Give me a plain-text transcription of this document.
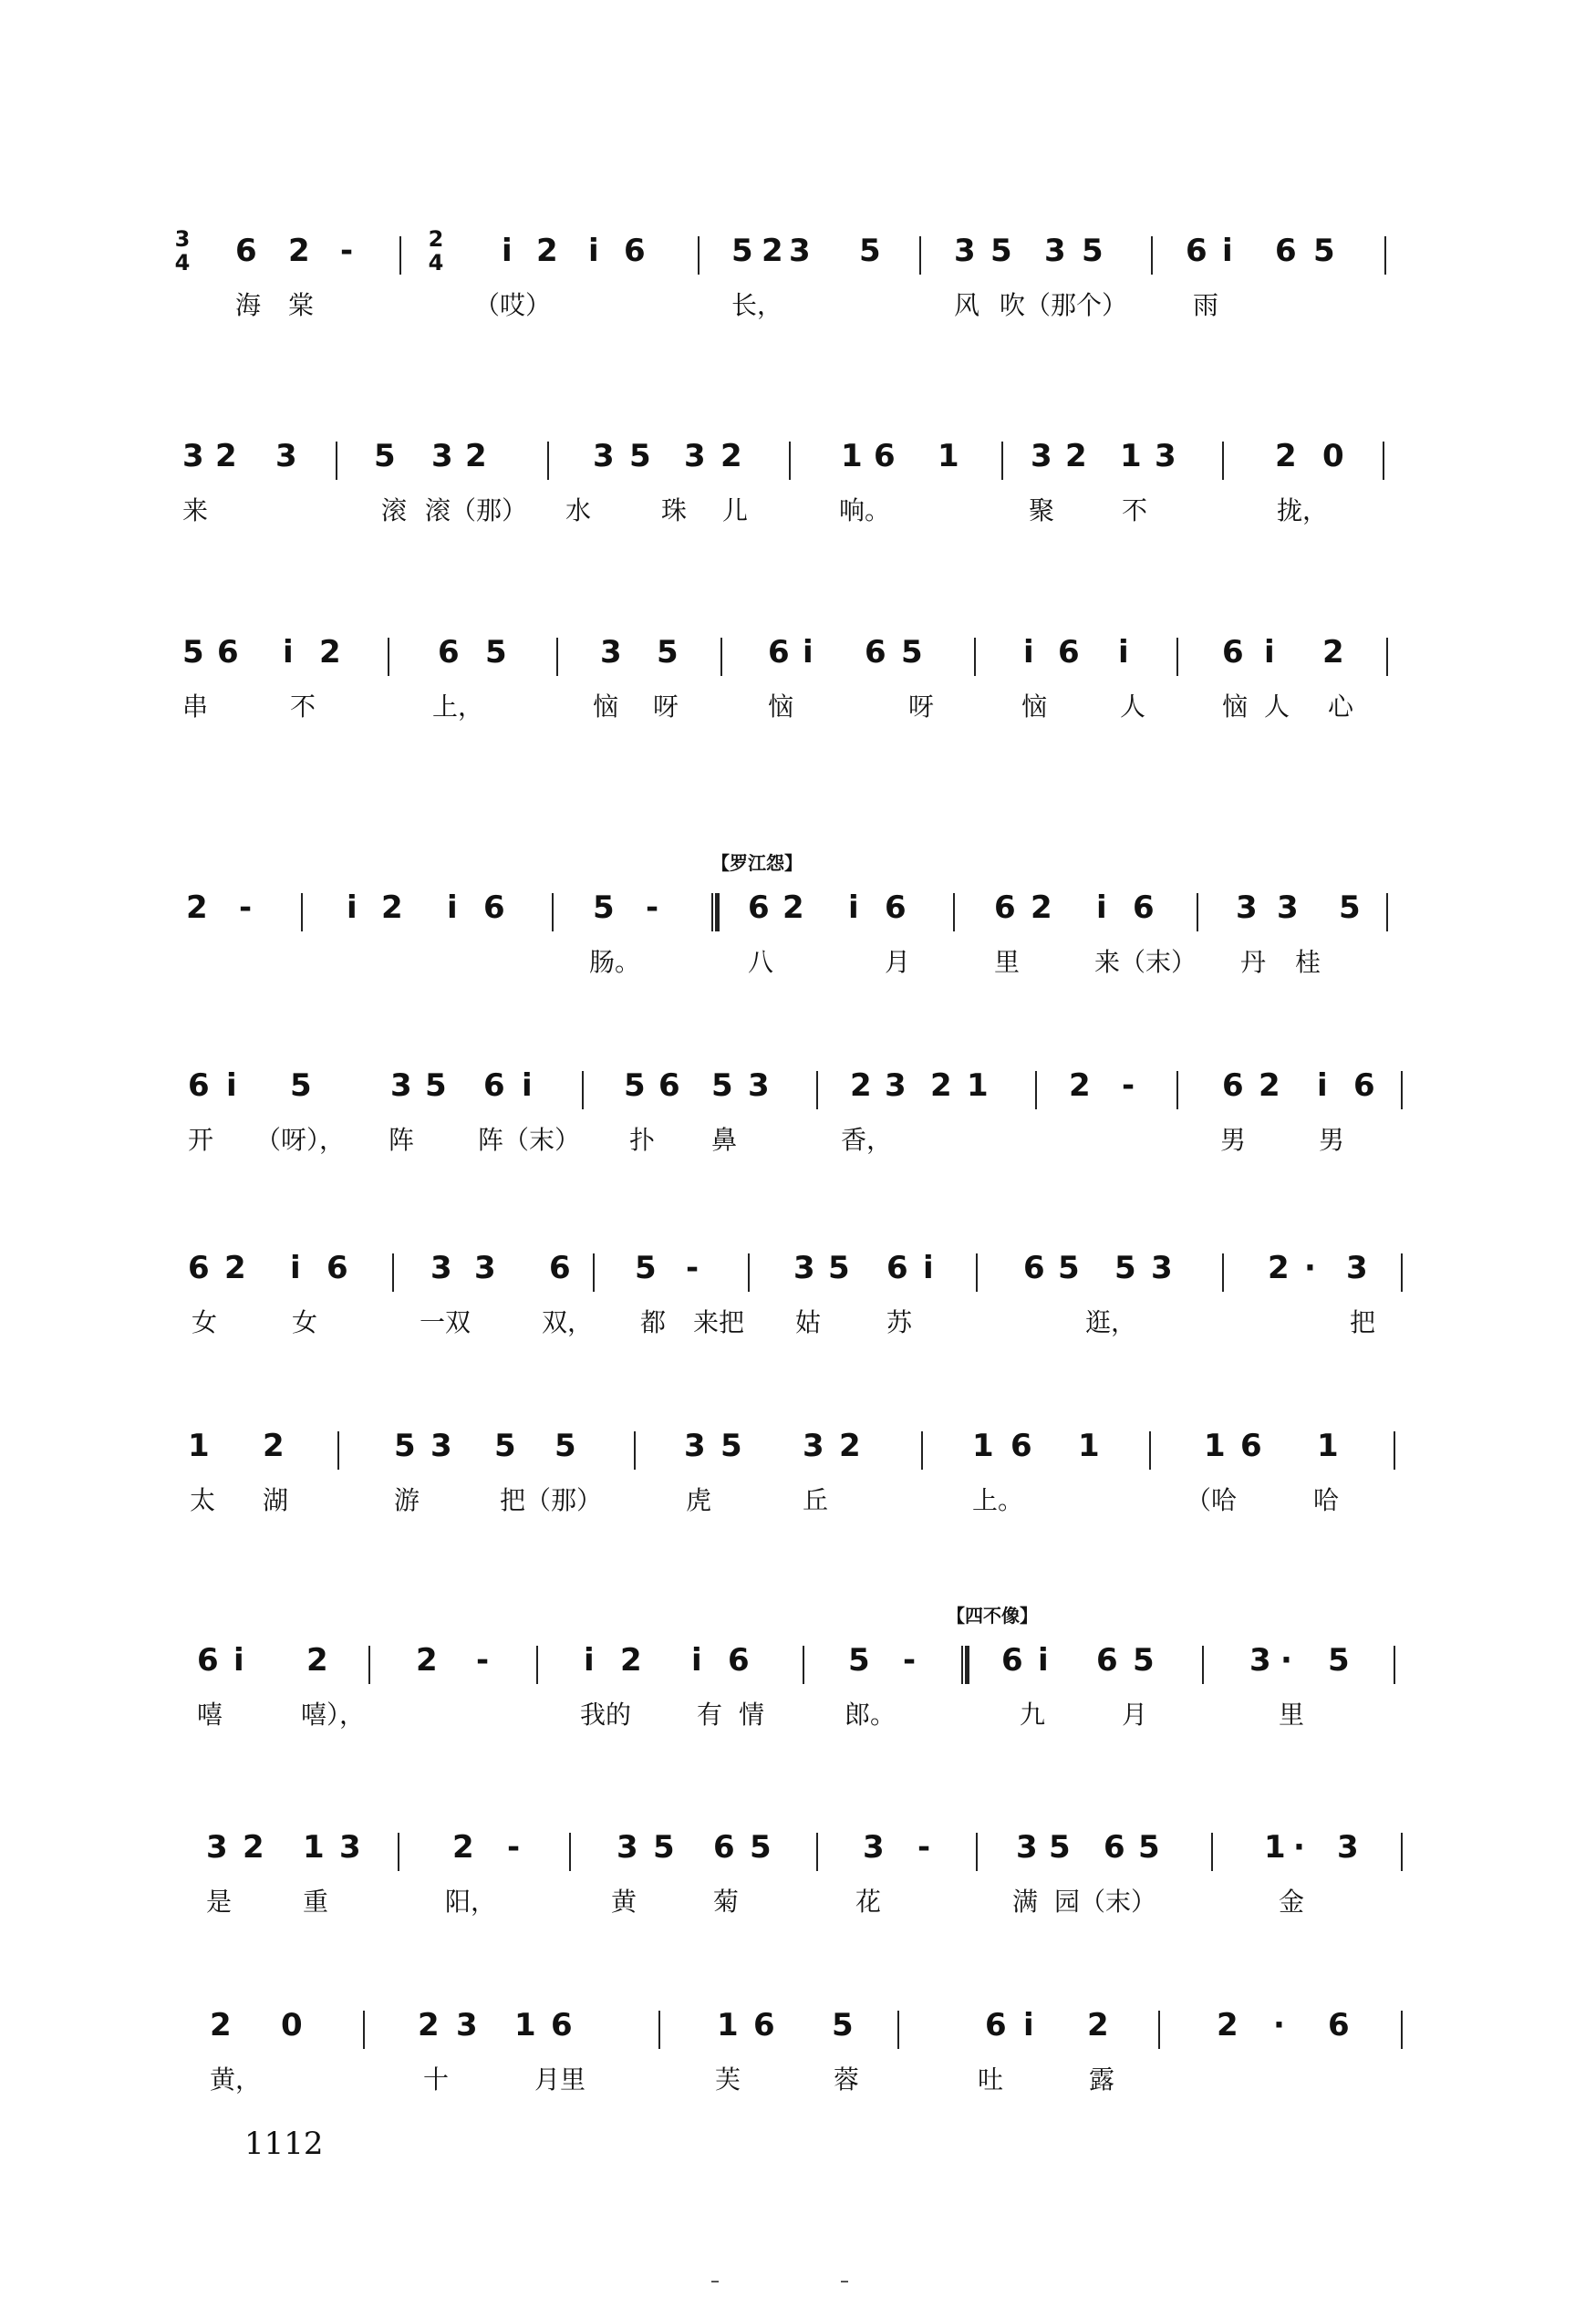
3
4 6 2 -	2
4 i 2 i 6	5 2 3 5 3 5 3 5	6 i 6 5
海 棠	（哎）	长，	风 吹（那个）	雨
3 2 3 5 3 2	3 5 3 2	1 6 1 3 2 1 3	2 0
来	滚 滚（那） 水	珠 儿	响。	聚	不	拢，
5 6 i 2	6 5	3 5	6 i 6 5	i 6 i	6 i 2
串	不	上，	恼 呀	恼	呀	恼	人	恼 人 心
2 -	i 2 i 6	5 -
【罗江怨】
6 2 i 6	6 2 i 6	3 3 5
肠。	八	月	里	来（末） 丹 桂
6 i 5	3 5 6 i	5 6 5 3	2 3 2 1	2 -	6 2 i 6
开 （呀）， 阵 阵（末） 扑 鼻	香，	男	男
6 2 i 6	3 3 6 5 -	3 5 6 i	6 5 5 3	2 · 3
女	女	一双	双， 都 来把 姑	苏	逛，	把
1 2	5 3 5 5	3 5 3 2	1 6 1	1 6 1
太 湖	游	把（那）	虎	丘	上。	（哈	哈
6 i 2	2 -	i 2 i 6	5 -
【四不像】
6 i 6 5	3 · 5
嘻	嘻），	我的	有 情	郎。	九	月	里
3 2 1 3	2 -	3 5 6 5	3 -	3 5 6 5	1 · 3
是	重	阳，	黄	菊	花	满 园（末）	金
2 0	2 3 1 6	1 6 5	6 i 2	2 · 6
黄，	十	月里	芙	蓉	吐	露
1112
